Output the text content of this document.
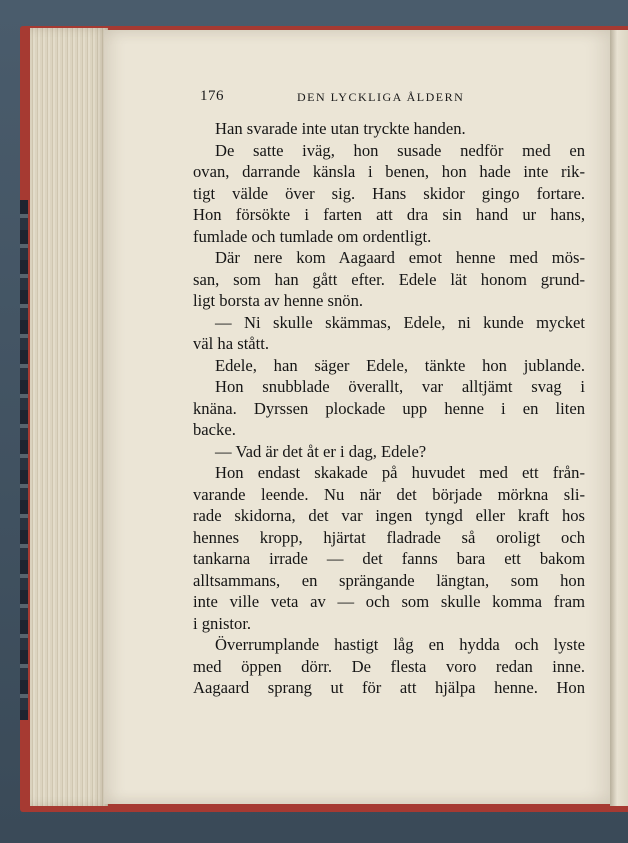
176	DEN LYCKLIGA ÅLDERN
Han svarade inte utan tryckte handen.
De satte iväg, hon susade nedför med en
ovan, darrande känsla i benen, hon hade inte rik-
tigt välde över sig. Hans skidor gingo fortare.
Hon försökte i farten att dra sin hand ur hans,
fumlade och tumlade om ordentligt.
Där nere kom Aagaard emot henne med mös-
san, som han gått efter. Edele lät honom grund-
ligt borsta av henne snön.
— Ni skulle skämmas, Edele, ni kunde mycket
väl ha stått.
Edele, han säger Edele, tänkte hon jublande.
Hon snubblade överallt, var alltjämt svag i
knäna. Dyrssen plockade upp henne i en liten
backe.
— Vad är det åt er i dag, Edele?
Hon endast skakade på huvudet med ett från-
varande leende. Nu när det började mörkna sli-
rade skidorna, det var ingen tyngd eller kraft hos
hennes kropp, hjärtat fladrade så oroligt och
tankarna irrade — det fanns bara ett bakom
alltsammans, en sprängande längtan, som hon
inte ville veta av — och som skulle komma fram
i gnistor.
Överrumplande hastigt låg en hydda och lyste
med öppen dörr. De flesta voro redan inne.
Aagaard sprang ut för att hjälpa henne. Hon
